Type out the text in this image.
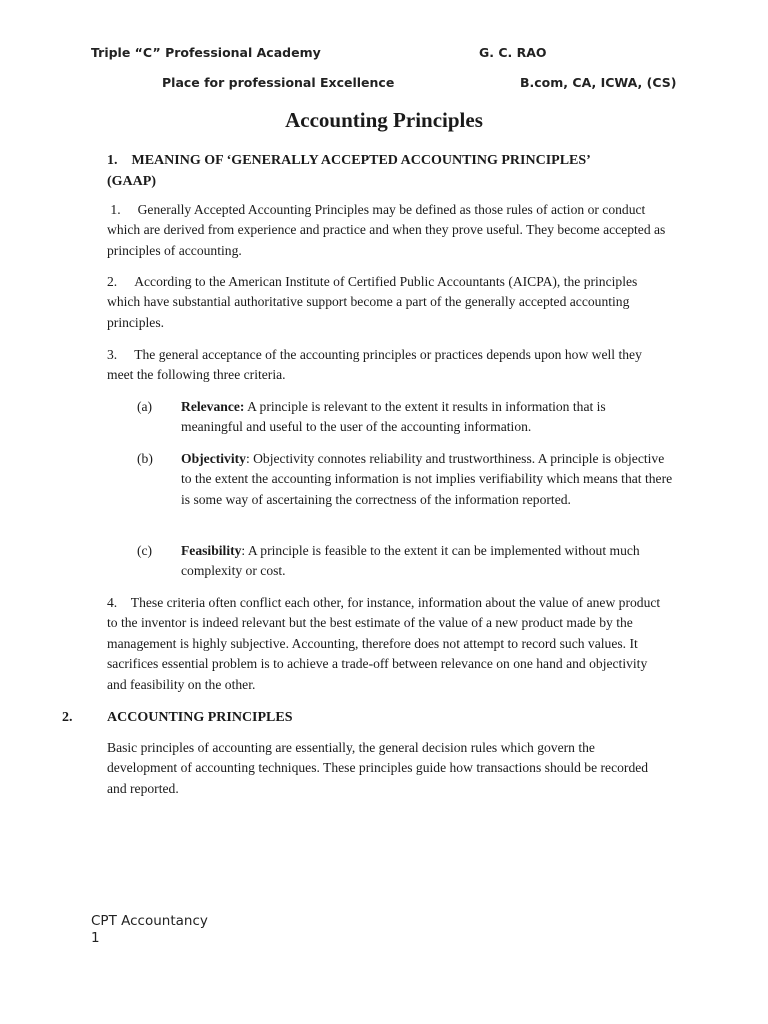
Triple “C” Professional Academy	G. C. RAO
Place for professional Excellence	B.com, CA, ICWA, (CS)
Accounting Principles
1. MEANING OF ‘GENERALLY ACCEPTED ACCOUNTING PRINCIPLES’
(GAAP)
1. Generally Accepted Accounting Principles may be defined as those rules of action or conduct which are derived from experience and practice and when they prove useful. They become accepted as principles of accounting.
2. According to the American Institute of Certified Public Accountants (AICPA), the principles which have substantial authoritative support become a part of the generally accepted accounting principles.
3. The general acceptance of the accounting principles or practices depends upon how well they meet the following three criteria.
(a) Relevance: A principle is relevant to the extent it results in information that is meaningful and useful to the user of the accounting information.
(b) Objectivity: Objectivity connotes reliability and trustworthiness. A principle is objective to the extent the accounting information is not implies verifiability which means that there is some way of ascertaining the correctness of the information reported.
(c) Feasibility: A principle is feasible to the extent it can be implemented without much complexity or cost.
4. These criteria often conflict each other, for instance, information about the value of anew product to the inventor is indeed relevant but the best estimate of the value of a new product made by the management is highly subjective. Accounting, therefore does not attempt to record such values. It sacrifices essential problem is to achieve a trade-off between relevance on one hand and objectivity and feasibility on the other.
2. ACCOUNTING PRINCIPLES
Basic principles of accounting are essentially, the general decision rules which govern the development of accounting techniques. These principles guide how transactions should be recorded and reported.
CPT Accountancy
1
